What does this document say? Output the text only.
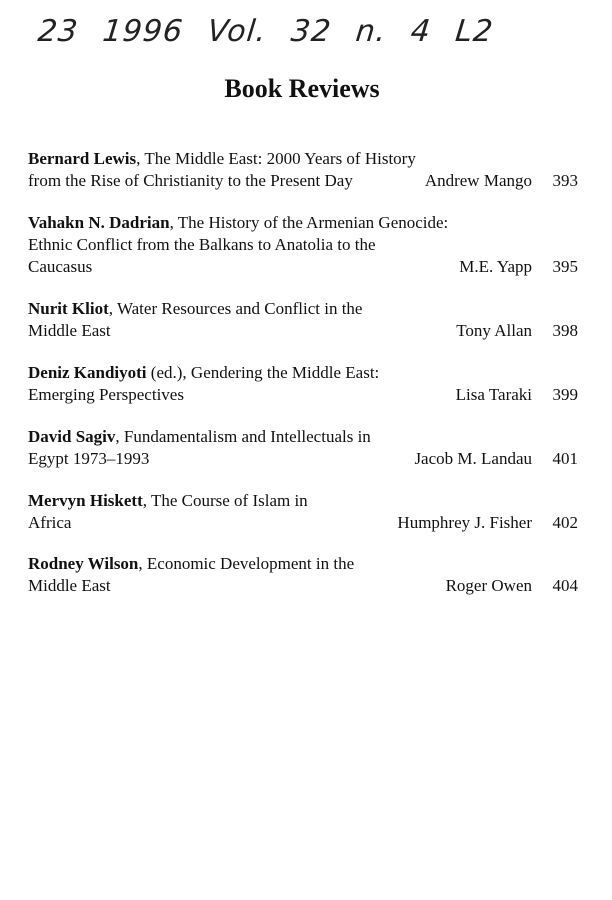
23 1996 Vol. 32 n. 4 L2
Book Reviews
Bernard Lewis, The Middle East: 2000 Years of History
from the Rise of Christianity to the Present Day	Andrew Mango 393
Vahakn N. Dadrian, The History of the Armenian Genocide:
Ethnic Conflict from the Balkans to Anatolia to the
Caucasus	M.E. Yapp 395
Nurit Kliot, Water Resources and Conflict in the
Middle East	Tony Allan 398
Deniz Kandiyoti (ed.), Gendering the Middle East:
Emerging Perspectives	Lisa Taraki 399
David Sagiv, Fundamentalism and Intellectuals in
Egypt 1973–1993	Jacob M. Landau 401
Mervyn Hiskett, The Course of Islam in
Africa	Humphrey J. Fisher 402
Rodney Wilson, Economic Development in the
Middle East	Roger Owen 404
